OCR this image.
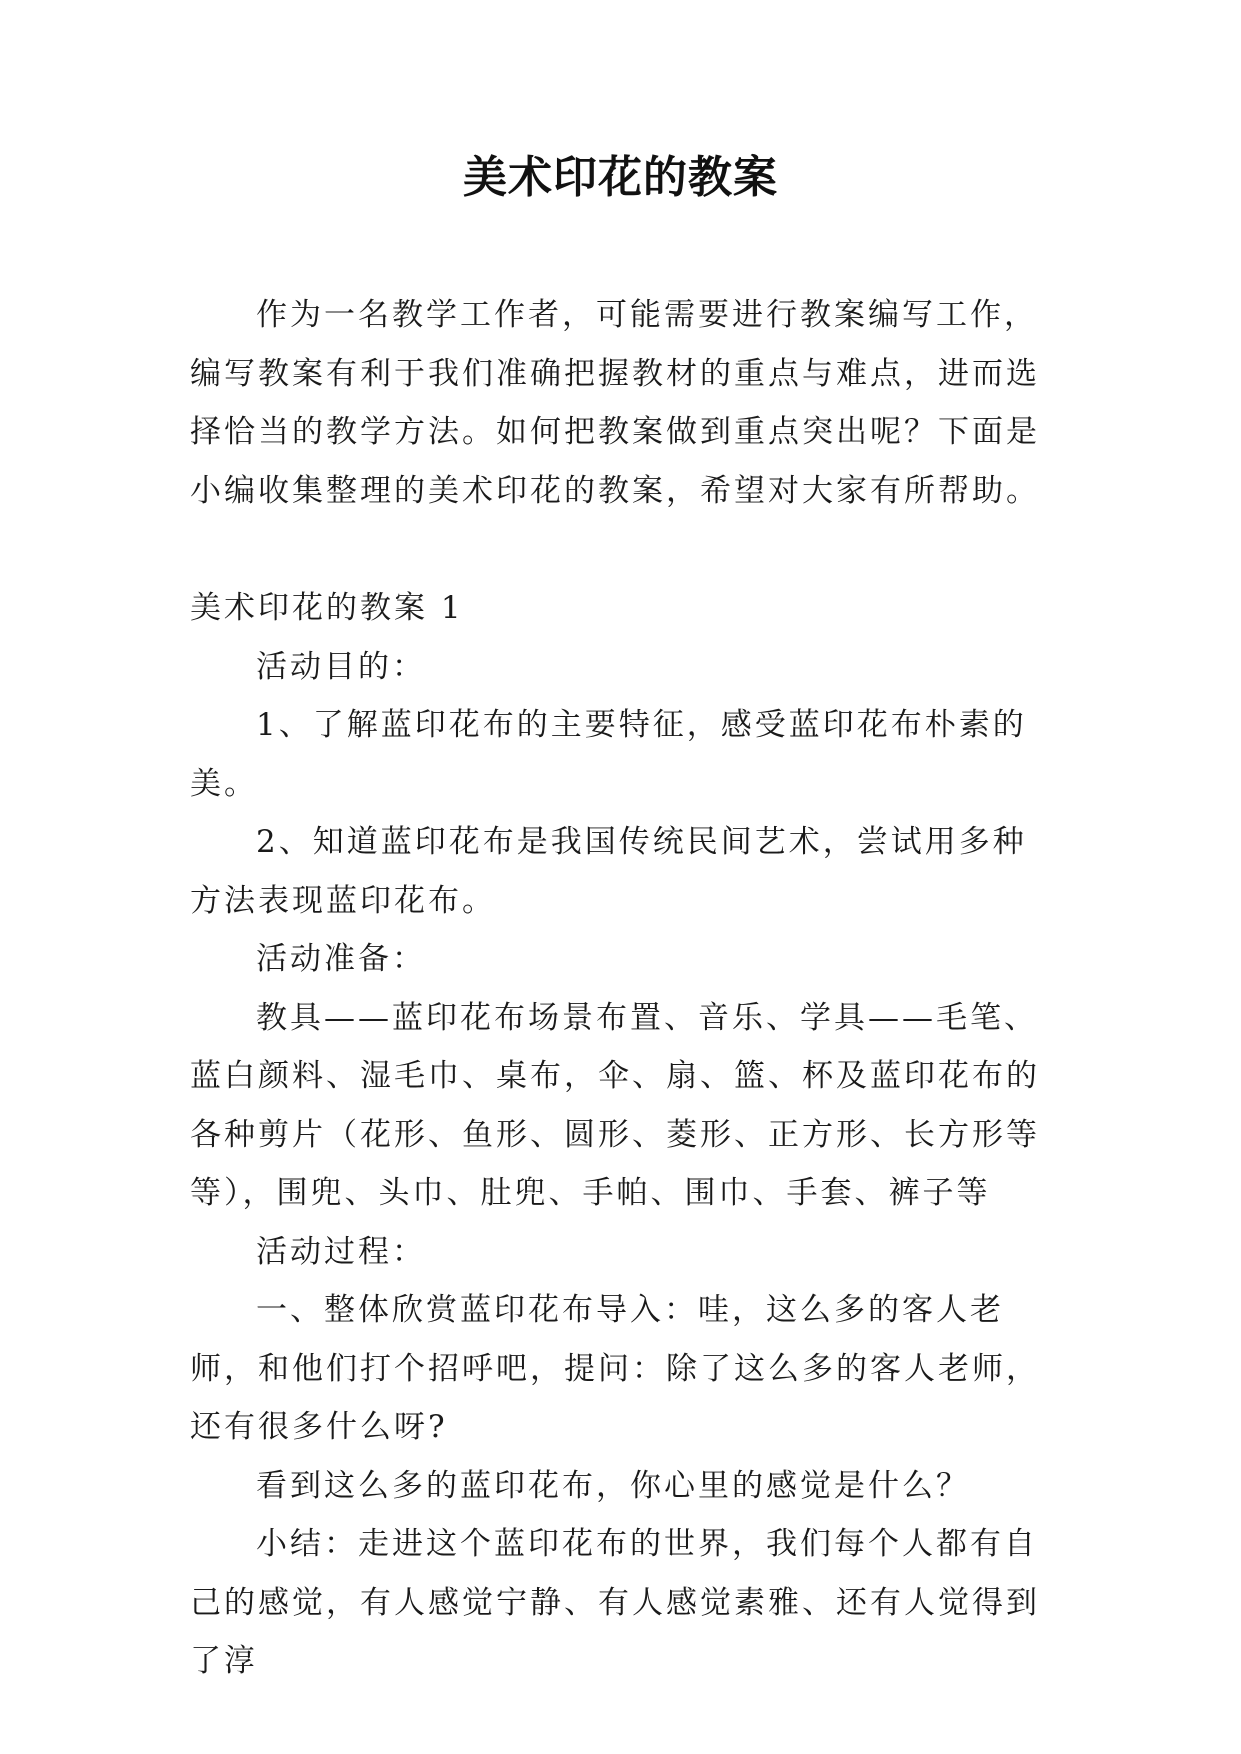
美术印花的教案

作为一名教学工作者，可能需要进行教案编写工作，编写教案有利于我们准确把握教材的重点与难点，进而选择恰当的教学方法。如何把教案做到重点突出呢？下面是小编收集整理的美术印花的教案，希望对大家有所帮助。

美术印花的教案 1

活动目的：

1、了解蓝印花布的主要特征，感受蓝印花布朴素的美。

2、知道蓝印花布是我国传统民间艺术，尝试用多种方法表现蓝印花布。

活动准备：

教具——蓝印花布场景布置、音乐、学具——毛笔、蓝白颜料、湿毛巾、桌布，伞、扇、篮、杯及蓝印花布的各种剪片（花形、鱼形、圆形、菱形、正方形、长方形等等），围兜、头巾、肚兜、手帕、围巾、手套、裤子等

活动过程：

一、整体欣赏蓝印花布导入：哇，这么多的客人老师，和他们打个招呼吧，提问：除了这么多的客人老师，还有很多什么呀?

看到这么多的蓝印花布，你心里的感觉是什么？

小结：走进这个蓝印花布的世界，我们每个人都有自己的感觉，有人感觉宁静、有人感觉素雅、还有人觉得到了淳
